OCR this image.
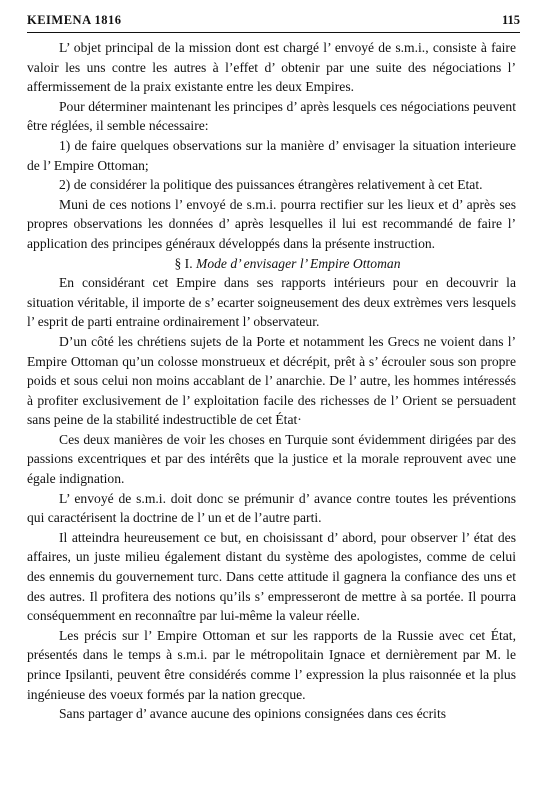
KEIMENA 1816	115

L’ objet principal de la mission dont est chargé l’ envoyé de s.m.i., consiste à faire valoir les uns contre les autres à l’effet d’ obtenir par une suite des négociations l’ affermissement de la praix existante entre les deux Empires.

Pour déterminer maintenant les principes d’ après lesquels ces négociations peuvent être réglées, il semble nécessaire:

1) de faire quelques observations sur la manière d’ envisager la situation interieure de l’ Empire Ottoman;

2) de considérer la politique des puissances étrangères relativement à cet Etat.

Muni de ces notions l’ envoyé de s.m.i. pourra rectifier sur les lieux et d’ après ses propres observations les données d’ après lesquelles il lui est recommandé de faire l’ application des principes généraux développés dans la présente instruction.

§ I. Mode d’ envisager l’ Empire Ottoman

En considérant cet Empire dans ses rapports intérieurs pour en decouvrir la situation véritable, il importe de s’ ecarter soigneusement des deux extrèmes vers lesquels l’ esprit de parti entraine ordinairement l’ observateur.

D’un côté les chrétiens sujets de la Porte et notamment les Grecs ne voient dans l’ Empire Ottoman qu’un colosse monstrueux et décrépit, prêt à s’ écrouler sous son propre poids et sous celui non moins accablant de l’ anarchie. De l’ autre, les hommes intéressés à profiter exclusivement de l’ exploitation facile des richesses de l’ Orient se persuadent sans peine de la stabilité indestructible de cet État·

Ces deux manières de voir les choses en Turquie sont évidemment dirigées par des passions excentriques et par des intérêts que la justice et la morale reprouvent avec une égale indignation.

L’ envoyé de s.m.i. doit donc se prémunir d’ avance contre toutes les préventions qui caractérisent la doctrine de l’ un et de l’autre parti.

Il atteindra heureusement ce but, en choisissant d’ abord, pour observer l’ état des affaires, un juste milieu également distant du système des apologistes, comme de celui des ennemis du gouvernement turc. Dans cette attitude il gagnera la confiance des uns et des autres. Il profitera des notions qu’ils s’ empresseront de mettre à sa portée. Il pourra conséquemment en reconnaître par lui-même la valeur réelle.

Les précis sur l’ Empire Ottoman et sur les rapports de la Russie avec cet État, présentés dans le temps à s.m.i. par le métropolitain Ignace et dernièrement par M. le prince Ipsilanti, peuvent être considérés comme l’ expression la plus raisonnée et la plus ingénieuse des voeux formés par la nation grecque.

Sans partager d’ avance aucune des opinions consignées dans ces écrits
